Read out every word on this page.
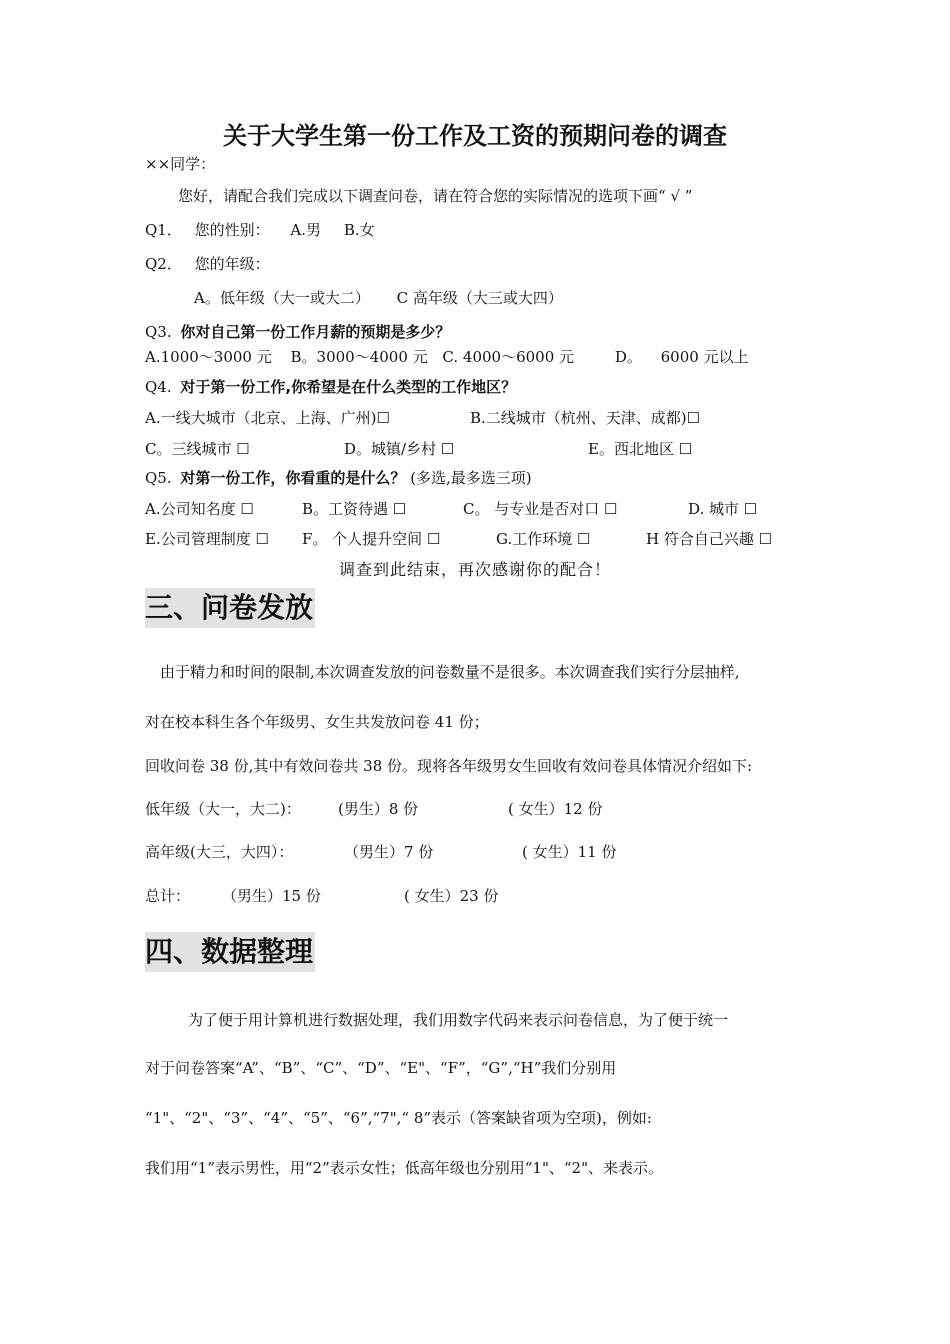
关于大学生第一份工作及工资的预期问卷的调查
××同学：
您好，请配合我们完成以下调查问卷，请在符合您的实际情况的选项下画“ √ ”
Q1． 您的性别： A.男 B.女
Q2． 您的年级：
A。低年级（大一或大二） C 高年级（大三或大四）
Q3. 你对自己第一份工作月薪的预期是多少？
A.1000～3000 元 B。3000～4000 元 C. 4000～6000 元	D。 6000 元以上
Q4. 对于第一份工作,你希望是在什么类型的工作地区？
A.一线大城市（北京、上海、广州)☐	B.二线城市（杭州、天津、成都)☐
C。三线城市 ☐	D。城镇/乡村 ☐	E。西北地区 ☐
Q5. 对第一份工作，你看重的是什么？ (多选,最多选三项)
A.公司知名度 ☐	B。工资待遇 ☐	C。 与专业是否对口 ☐	D. 城市 ☐
E.公司管理制度 ☐ F。 个人提升空间 ☐	G.工作环境 ☐	H 符合自己兴趣 ☐
调查到此结束，再次感谢你的配合！
三、问卷发放
由于精力和时间的限制,本次调查发放的问卷数量不是很多。本次调查我们实行分层抽样,
对在校本科生各个年级男、女生共发放问卷 41 份；
回收问卷 38 份,其中有效问卷共 38 份。现将各年级男女生回收有效问卷具体情况介绍如下:
低年级（大一，大二)： (男生）8 份	( 女生）12 份
高年级(大三，大四）：	（男生）7 份	( 女生）11 份
总计： （男生）15 份	( 女生）23 份
四、数据整理
为了便于用计算机进行数据处理，我们用数字代码来表示问卷信息，为了便于统一
对于问卷答案“A”、“B”、“C”、“D”、“E"、“F”，“G”,“H”我们分别用
“1"、“2"、“3”、“4”、“5”、“6”,“7",“ 8”表示（答案缺省项为空项)，例如:
我们用“1”表示男性，用“2”表示女性；低高年级也分别用“1"、“2"、来表示。
